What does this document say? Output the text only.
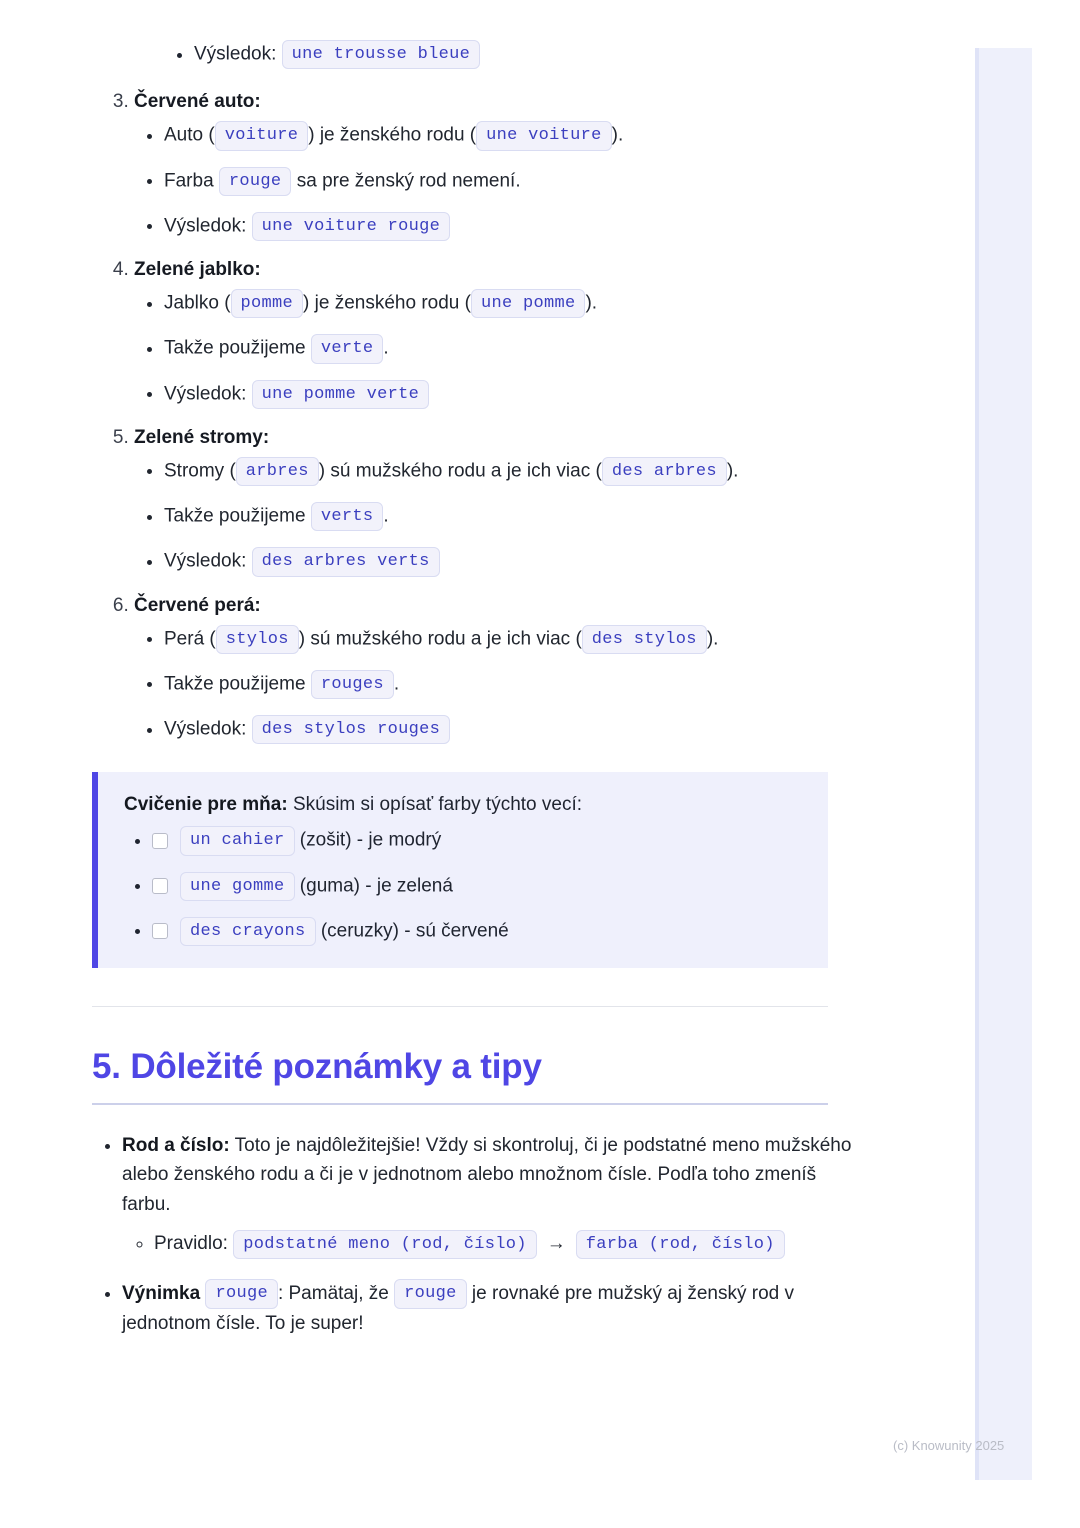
• Výsledok: une trousse bleue
3. Červené auto:
• Auto ( voiture ) je ženského rodu ( une voiture ).
• Farba rouge sa pre ženský rod nemení.
• Výsledok: une voiture rouge
4. Zelené jablko:
• Jablko ( pomme ) je ženského rodu ( une pomme ).
• Takže použijeme verte .
• Výsledok: une pomme verte
5. Zelené stromy:
• Stromy ( arbres ) sú mužského rodu a je ich viac ( des arbres ).
• Takže použijeme verts .
• Výsledok: des arbres verts
6. Červené perá:
• Perá ( stylos ) sú mužského rodu a je ich viac ( des stylos ).
• Takže použijeme rouges .
• Výsledok: des stylos rouges
Cvičenie pre mňa: Skúsim si opísať farby týchto vecí:
• un cahier (zošit) - je modrý
• une gomme (guma) - je zelená
• des crayons (ceruzky) - sú červené
5. Dôležité poznámky a tipy
• Rod a číslo: Toto je najdôležitejšie! Vždy si skontroluj, či je podstatné meno mužského alebo ženského rodu a či je v jednotnom alebo množnom čísle. Podľa toho zmeníš farbu.
◦ Pravidlo: podstatné meno (rod, číslo) → farba (rod, číslo)
• Výnimka rouge : Pamätaj, že rouge je rovnaké pre mužský aj ženský rod v jednotnom čísle. To je super!
(c) Knowunity 2025
